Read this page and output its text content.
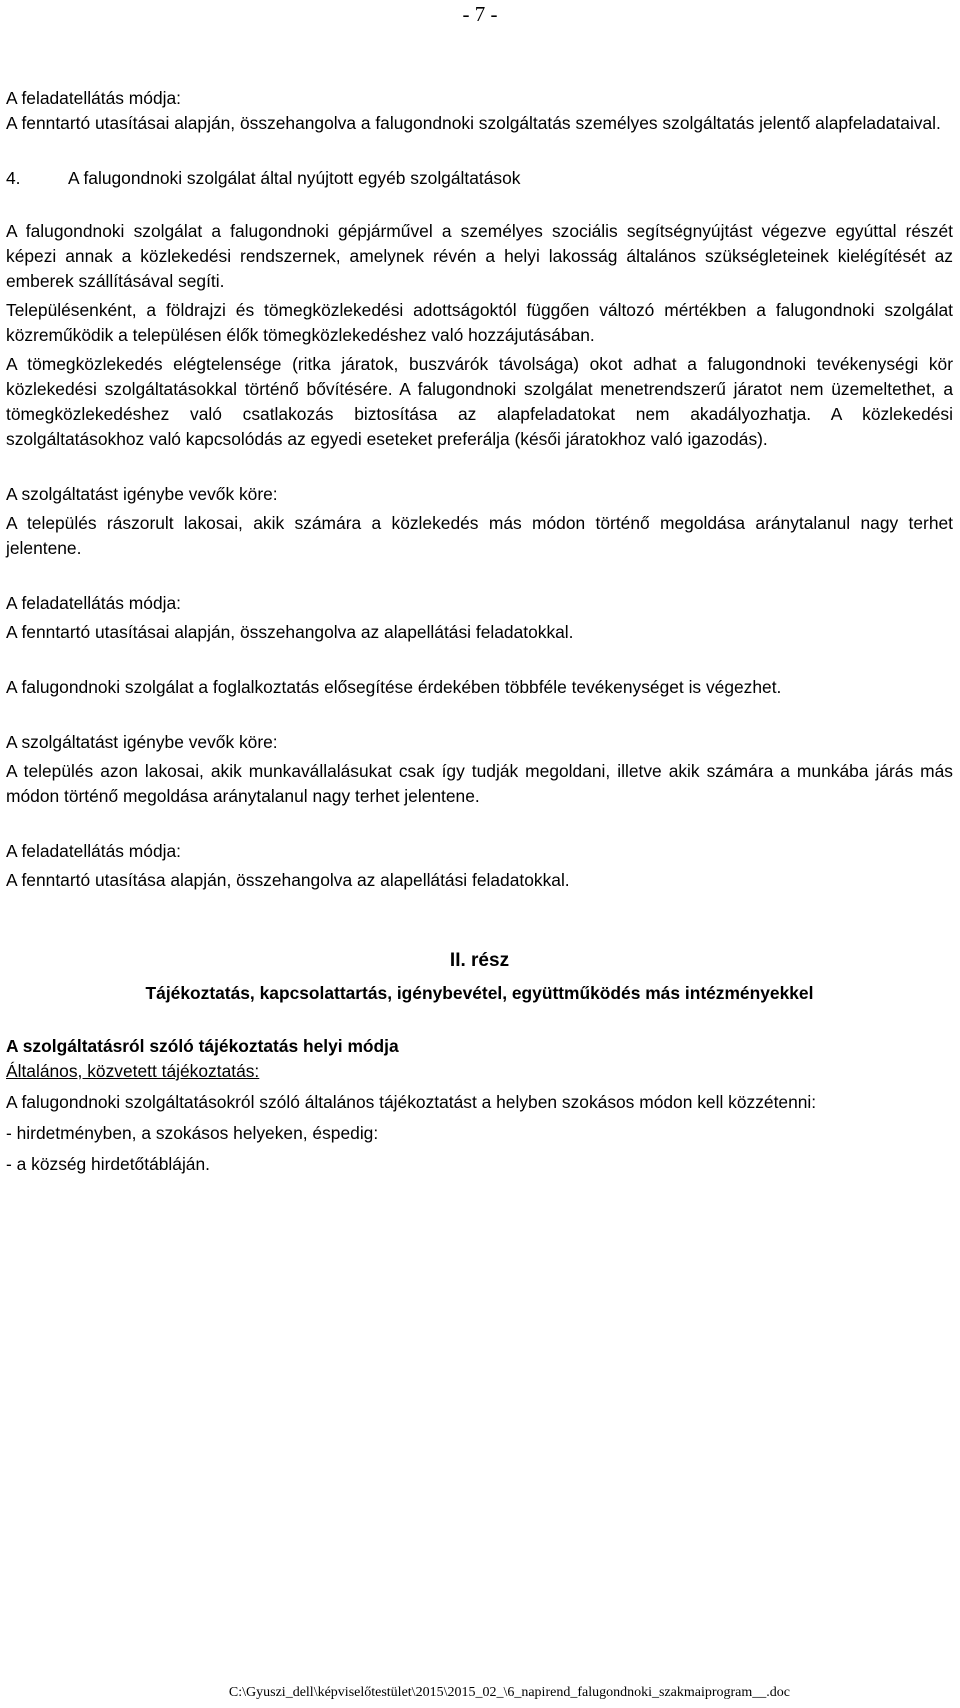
- 7 -

A feladatellátás módja:

A fenntartó utasításai alapján, összehangolva a falugondnoki szolgáltatás személyes szolgáltatás jelentő alapfeladataival.

4.	A falugondnoki szolgálat által nyújtott egyéb szolgáltatások

A falugondnoki szolgálat a falugondnoki gépjárművel a személyes szociális segítségnyújtást végezve egyúttal részét képezi annak a közlekedési rendszernek, amelynek révén a helyi lakosság általános szükségleteinek kielégítését az emberek szállításával segíti.

Településenként, a földrajzi és tömegközlekedési adottságoktól függően változó mértékben a falugondnoki szolgálat közreműködik a településen élők tömegközlekedéshez való hozzájutásában.

A tömegközlekedés elégtelensége (ritka járatok, buszvárók távolsága) okot adhat a falugondnoki tevékenységi kör közlekedési szolgáltatásokkal történő bővítésére. A falugondnoki szolgálat menetrendszerű járatot nem üzemeltethet, a tömegközlekedéshez való csatlakozás biztosítása az alapfeladatokat nem akadályozhatja. A közlekedési szolgáltatásokhoz való kapcsolódás az egyedi eseteket preferálja (késői járatokhoz való igazodás).

A szolgáltatást igénybe vevők köre:

A település rászorult lakosai, akik számára a közlekedés más módon történő megoldása aránytalanul nagy terhet jelentene.

A feladatellátás módja:

A fenntartó utasításai alapján, összehangolva az alapellátási feladatokkal.

A falugondnoki szolgálat a foglalkoztatás elősegítése érdekében többféle tevékenységet is végezhet.

A szolgáltatást igénybe vevők köre:

A település azon lakosai, akik munkavállalásukat csak így tudják megoldani, illetve akik számára a munkába járás más módon történő megoldása aránytalanul nagy terhet jelentene.

A feladatellátás módja:

A fenntartó utasítása alapján, összehangolva az alapellátási feladatokkal.

II. rész

Tájékoztatás, kapcsolattartás, igénybevétel, együttműködés más intézményekkel

A szolgáltatásról szóló tájékoztatás helyi módja

Általános, közvetett tájékoztatás:

A falugondnoki szolgáltatásokról szóló általános tájékoztatást a helyben szokásos módon kell közzétenni:

- hirdetményben, a szokásos helyeken, éspedig:

- a község hirdetőtábláján.

C:\Gyuszi_dell\képviselőtestület\2015\2015_02_\6_napirend_falugondnoki_szakmaiprogram__.doc
